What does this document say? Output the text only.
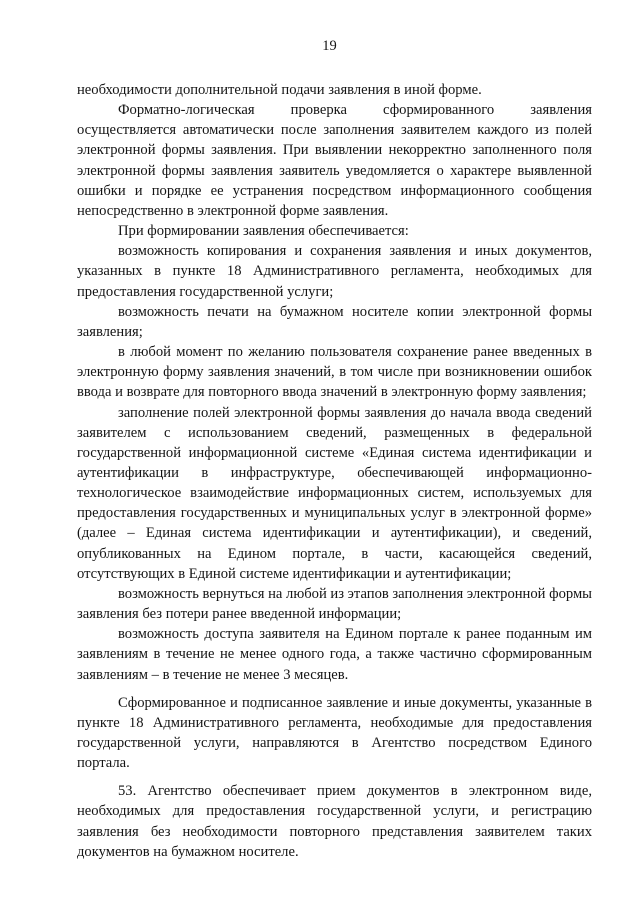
19

необходимости дополнительной подачи заявления в иной форме.

Форматно-логическая проверка сформированного заявления осуществляется автоматически после заполнения заявителем каждого из полей электронной формы заявления. При выявлении некорректно заполненного поля электронной формы заявления заявитель уведомляется о характере выявленной ошибки и порядке ее устранения посредством информационного сообщения непосредственно в электронной форме заявления.

При формировании заявления обеспечивается:

возможность копирования и сохранения заявления и иных документов, указанных в пункте 18 Административного регламента, необходимых для предоставления государственной услуги;

возможность печати на бумажном носителе копии электронной формы заявления;

в любой момент по желанию пользователя сохранение ранее введенных в электронную форму заявления значений, в том числе при возникновении ошибок ввода и возврате для повторного ввода значений в электронную форму заявления;

заполнение полей электронной формы заявления до начала ввода сведений заявителем с использованием сведений, размещенных в федеральной государственной информационной системе «Единая система идентификации и аутентификации в инфраструктуре, обеспечивающей информационно-технологическое взаимодействие информационных систем, используемых для предоставления государственных и муниципальных услуг в электронной форме» (далее – Единая система идентификации и аутентификации), и сведений, опубликованных на Едином портале, в части, касающейся сведений, отсутствующих в Единой системе идентификации и аутентификации;

возможность вернуться на любой из этапов заполнения электронной формы заявления без потери ранее введенной информации;

возможность доступа заявителя на Едином портале к ранее поданным им заявлениям в течение не менее одного года, а также частично сформированным заявлениям – в течение не менее 3 месяцев.

Сформированное и подписанное заявление и иные документы, указанные в пункте 18 Административного регламента, необходимые для предоставления государственной услуги, направляются в Агентство посредством Единого портала.

53. Агентство обеспечивает прием документов в электронном виде, необходимых для предоставления государственной услуги, и регистрацию заявления без необходимости повторного представления заявителем таких документов на бумажном носителе.
